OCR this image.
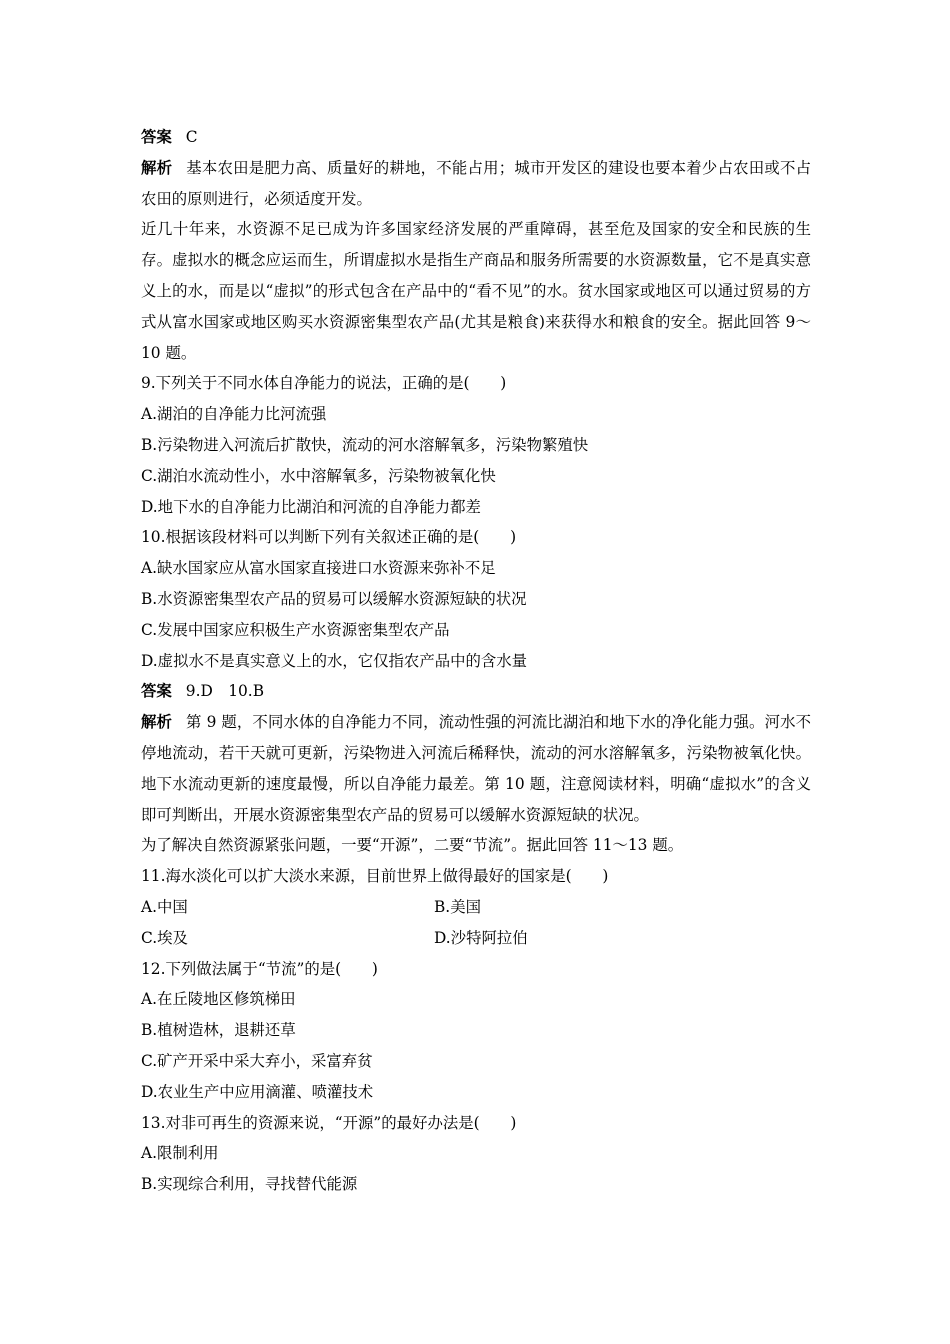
答案 C
解析 基本农田是肥力高、质量好的耕地，不能占用；城市开发区的建设也要本着少占农田或不占农田的原则进行，必须适度开发。
近几十年来，水资源不足已成为许多国家经济发展的严重障碍，甚至危及国家的安全和民族的生存。虚拟水的概念应运而生，所谓虚拟水是指生产商品和服务所需要的水资源数量，它不是真实意义上的水，而是以“虚拟”的形式包含在产品中的“看不见”的水。贫水国家或地区可以通过贸易的方式从富水国家或地区购买水资源密集型农产品(尤其是粮食)来获得水和粮食的安全。据此回答 9～10 题。
9.下列关于不同水体自净能力的说法，正确的是(　　)
A.湖泊的自净能力比河流强
B.污染物进入河流后扩散快，流动的河水溶解氧多，污染物繁殖快
C.湖泊水流动性小，水中溶解氧多，污染物被氧化快
D.地下水的自净能力比湖泊和河流的自净能力都差
10.根据该段材料可以判断下列有关叙述正确的是(　　)
A.缺水国家应从富水国家直接进口水资源来弥补不足
B.水资源密集型农产品的贸易可以缓解水资源短缺的状况
C.发展中国家应积极生产水资源密集型农产品
D.虚拟水不是真实意义上的水，它仅指农产品中的含水量
答案 9.D　10.B
解析 第 9 题，不同水体的自净能力不同，流动性强的河流比湖泊和地下水的净化能力强。河水不停地流动，若干天就可更新，污染物进入河流后稀释快，流动的河水溶解氧多，污染物被氧化快。地下水流动更新的速度最慢，所以自净能力最差。第 10 题，注意阅读材料，明确“虚拟水”的含义即可判断出，开展水资源密集型农产品的贸易可以缓解水资源短缺的状况。
为了解决自然资源紧张问题，一要“开源”，二要“节流”。据此回答 11～13 题。
11.海水淡化可以扩大淡水来源，目前世界上做得最好的国家是(　　)
A.中国	B.美国
C.埃及	D.沙特阿拉伯
12.下列做法属于“节流”的是(　　)
A.在丘陵地区修筑梯田
B.植树造林，退耕还草
C.矿产开采中采大弃小，采富弃贫
D.农业生产中应用滴灌、喷灌技术
13.对非可再生的资源来说，“开源”的最好办法是(　　)
A.限制利用
B.实现综合利用，寻找替代能源
